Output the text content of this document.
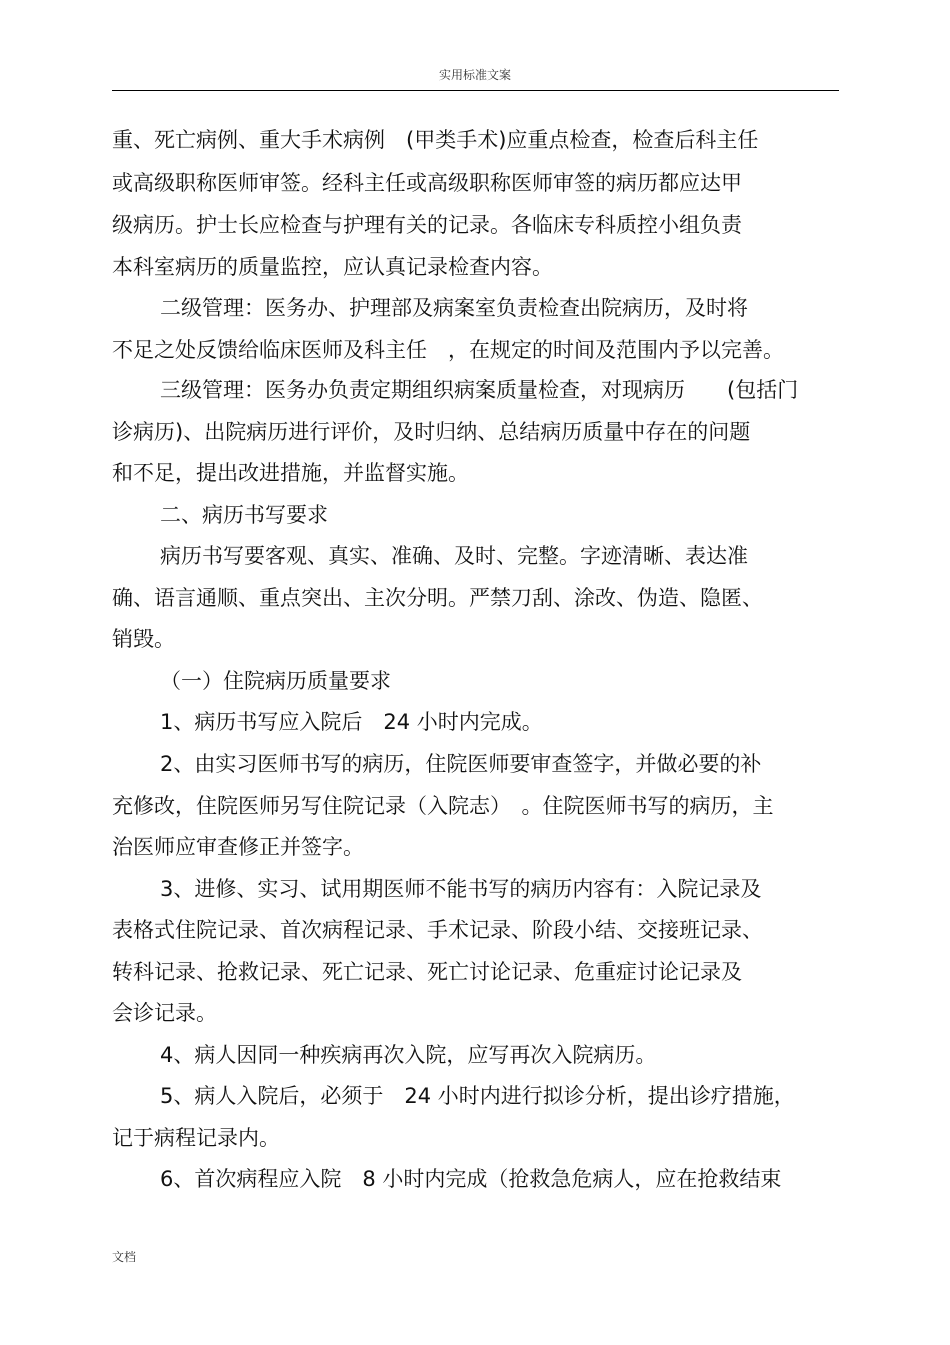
实用标准文案
重、死亡病例、重大手术病例　(甲类手术)应重点检查，检查后科主任
或高级职称医师审签。经科主任或高级职称医师审签的病历都应达甲
级病历。护士长应检查与护理有关的记录。各临床专科质控小组负责
本科室病历的质量监控，应认真记录检查内容。
二级管理：医务办、护理部及病案室负责检查出院病历，及时将
不足之处反馈给临床医师及科主任　，在规定的时间及范围内予以完善。
三级管理：医务办负责定期组织病案质量检查，对现病历　　(包括门
诊病历)、出院病历进行评价，及时归纳、总结病历质量中存在的问题
和不足，提出改进措施，并监督实施。
二、病历书写要求
病历书写要客观、真实、准确、及时、完整。字迹清晰、表达准
确、语言通顺、重点突出、主次分明。严禁刀刮、涂改、伪造、隐匿、
销毁。
（一）住院病历质量要求
1、病历书写应入院后　24 小时内完成。
2、由实习医师书写的病历，住院医师要审查签字，并做必要的补
充修改，住院医师另写住院记录（入院志）　。住院医师书写的病历，主
治医师应审查修正并签字。
3、进修、实习、试用期医师不能书写的病历内容有：入院记录及
表格式住院记录、首次病程记录、手术记录、阶段小结、交接班记录、
转科记录、抢救记录、死亡记录、死亡讨论记录、危重症讨论记录及
会诊记录。
4、病人因同一种疾病再次入院，应写再次入院病历。
5、病人入院后，必须于　24 小时内进行拟诊分析，提出诊疗措施，
记于病程记录内。
6、首次病程应入院　8 小时内完成（抢救急危病人，应在抢救结束
文档
